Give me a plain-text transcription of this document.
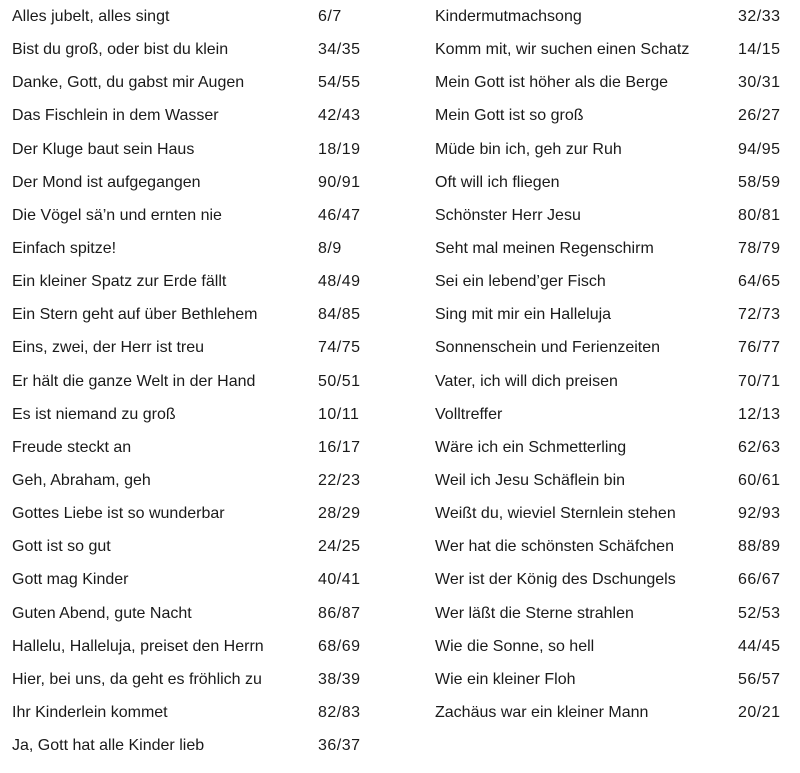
Alles jubelt, alles singt	6/7
Bist du groß, oder bist du klein	34/35
Danke, Gott, du gabst mir Augen	54/55
Das Fischlein in dem Wasser	42/43
Der Kluge baut sein Haus	18/19
Der Mond ist aufgegangen	90/91
Die Vögel sä’n und ernten nie	46/47
Einfach spitze!	8/9
Ein kleiner Spatz zur Erde fällt	48/49
Ein Stern geht auf über Bethlehem	84/85
Eins, zwei, der Herr ist treu	74/75
Er hält die ganze Welt in der Hand	50/51
Es ist niemand zu groß	10/11
Freude steckt an	16/17
Geh, Abraham, geh	22/23
Gottes Liebe ist so wunderbar	28/29
Gott ist so gut	24/25
Gott mag Kinder	40/41
Guten Abend, gute Nacht	86/87
Hallelu, Halleluja, preiset den Herrn	68/69
Hier, bei uns, da geht es fröhlich zu	38/39
Ihr Kinderlein kommet	82/83
Ja, Gott hat alle Kinder lieb	36/37
Kindermutmachsong	32/33
Komm mit, wir suchen einen Schatz	14/15
Mein Gott ist höher als die Berge	30/31
Mein Gott ist so groß	26/27
Müde bin ich, geh zur Ruh	94/95
Oft will ich fliegen	58/59
Schönster Herr Jesu	80/81
Seht mal meinen Regenschirm	78/79
Sei ein lebend’ger Fisch	64/65
Sing mit mir ein Halleluja	72/73
Sonnenschein und Ferienzeiten	76/77
Vater, ich will dich preisen	70/71
Volltreffer	12/13
Wäre ich ein Schmetterling	62/63
Weil ich Jesu Schäflein bin	60/61
Weißt du, wieviel Sternlein stehen	92/93
Wer hat die schönsten Schäfchen	88/89
Wer ist der König des Dschungels	66/67
Wer läßt die Sterne strahlen	52/53
Wie die Sonne, so hell	44/45
Wie ein kleiner Floh	56/57
Zachäus war ein kleiner Mann	20/21
